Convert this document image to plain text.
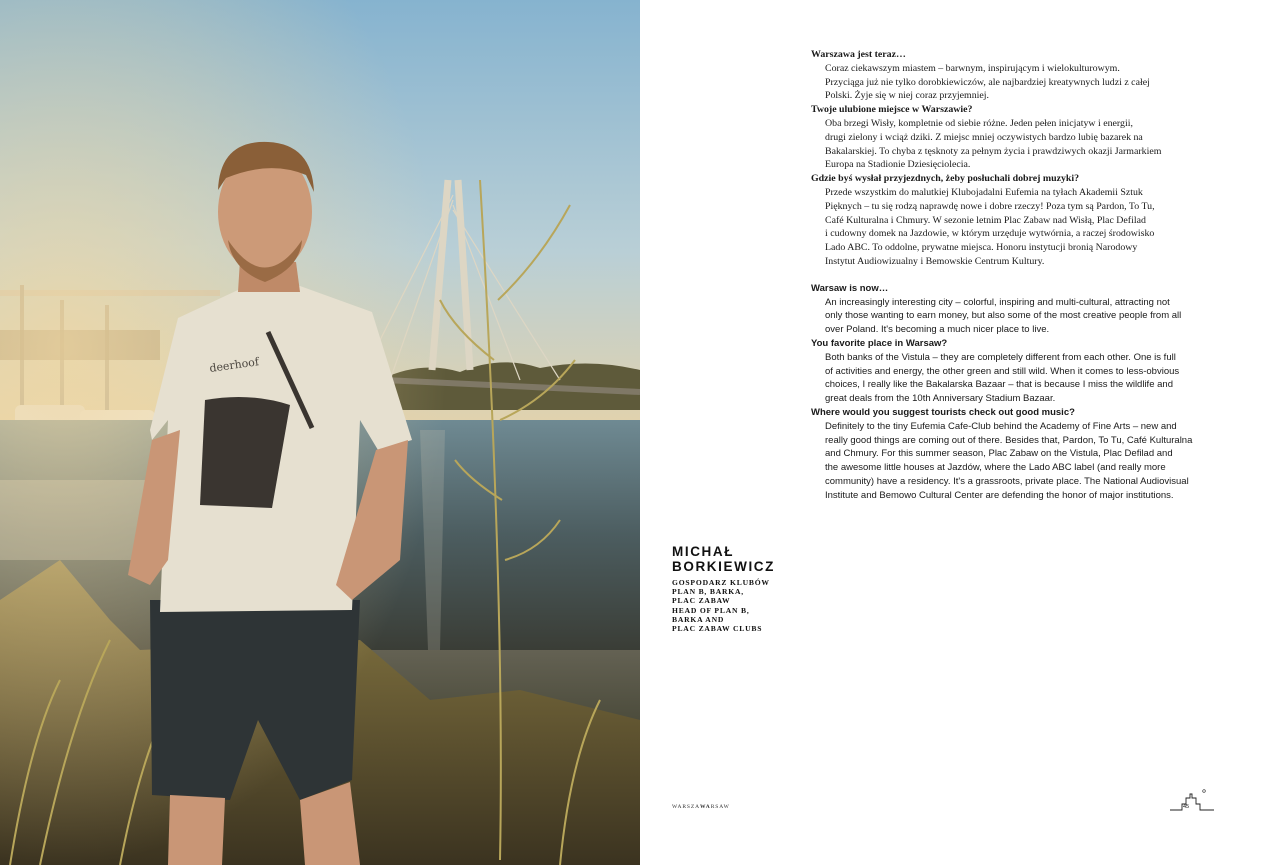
deerhoof

Warszawa jest teraz…

Coraz ciekawszym miastem – barwnym, inspirującym i wielokulturowym.

Przyciąga już nie tylko dorobkiewiczów, ale najbardziej kreatywnych ludzi z całej

Polski. Żyje się w niej coraz przyjemniej.

Twoje ulubione miejsce w Warszawie?

Oba brzegi Wisły, kompletnie od siebie różne. Jeden pełen inicjatyw i energii,

drugi zielony i wciąż dziki. Z miejsc mniej oczywistych bardzo lubię bazarek na

Bakalarskiej. To chyba z tęsknoty za pełnym życia i prawdziwych okazji Jarmarkiem

Europa na Stadionie Dziesięciolecia.

Gdzie byś wysłał przyjezdnych, żeby posłuchali dobrej muzyki?

Przede wszystkim do malutkiej Klubojadalni Eufemia na tyłach Akademii Sztuk

Pięknych – tu się rodzą naprawdę nowe i dobre rzeczy! Poza tym są Pardon, To Tu,

Café Kulturalna i Chmury. W sezonie letnim Plac Zabaw nad Wisłą, Plac Defilad

i cudowny domek na Jazdowie, w którym urzęduje wytwórnia, a raczej środowisko

Lado ABC. To oddolne, prywatne miejsca. Honoru instytucji bronią Narodowy

Instytut Audiowizualny i Bemowskie Centrum Kultury.

Warsaw is now…

An increasingly interesting city – colorful, inspiring and multi-cultural, attracting not

only those wanting to earn money, but also some of the most creative people from all

over Poland. It's becoming a much nicer place to live.

You favorite place in Warsaw?

Both banks of the Vistula – they are completely different from each other. One is full

of activities and energy, the other green and still wild. When it comes to less-obvious

choices, I really like the Bakalarska Bazaar – that is because I miss the wildlife and

great deals from the 10th Anniversary Stadium Bazaar.

Where would you suggest tourists check out good music?

Definitely to the tiny Eufemia Cafe-Club behind the Academy of Fine Arts – new and

really good things are coming out of there. Besides that, Pardon, To Tu, Café Kulturalna

and Chmury. For this summer season, Plac Zabaw on the Vistula, Plac Defilad and

the awesome little houses at Jazdów, where the Lado ABC label (and really more

community) have a residency. It's a grassroots, private place. The National Audiovisual

Institute and Bemowo Cultural Center are defending the honor of major institutions.

MICHAŁ
BORKIEWICZ
GOSPODARZ KLUBÓW
PLAN B, BARKA,
PLAC ZABAW
HEAD OF PLAN B,
BARKA AND
PLAC ZABAW CLUBS
WARSZAWARSAW	45
